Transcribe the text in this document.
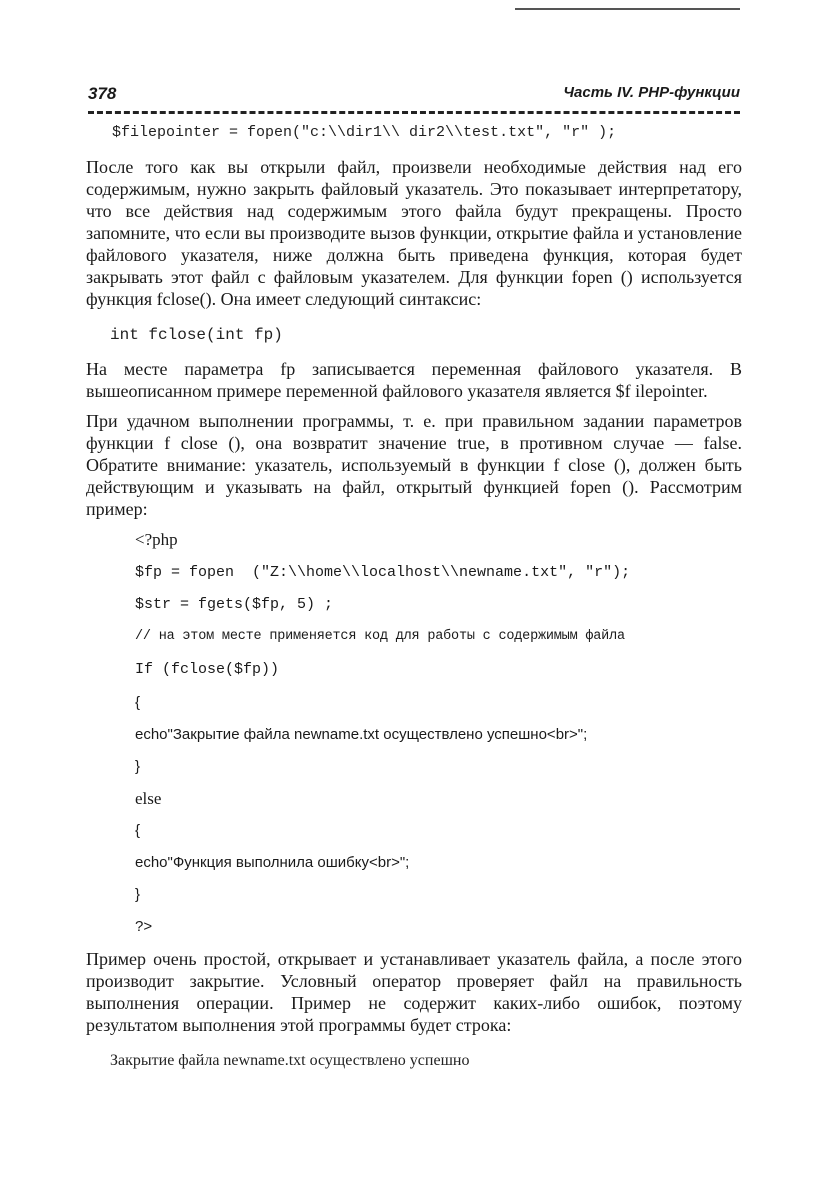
378	Часть IV. PHP-функции
$filepointer = fopen("c:\\dir1\\ dir2\\test.txt", "r" );

После того как вы открыли файл, произвели необходимые действия над его содержимым, нужно закрыть файловый указатель. Это показывает интерпретатору, что все действия над содержимым этого файла будут прекращены. Просто запомните, что если вы производите вызов функции, открытие файла и установление файлового указателя, ниже должна быть приведена функция, которая будет закрывать этот файл с файловым указателем. Для функции fopen () используется функция fclose(). Она имеет следующий синтаксис:

int fclose(int fp)

На месте параметра fp записывается переменная файлового указателя. В вышеописанном примере переменной файлового указателя является $f ilepointer.

При удачном выполнении программы, т. е. при правильном задании параметров функции f close (), она возвратит значение true, в противном случае — false. Обратите внимание: указатель, используемый в функции f close (), должен быть действующим и указывать на файл, открытый функцией fopen (). Рассмотрим пример:

<?php
$fp = fopen  ("Z:\\home\\localhost\\newname.txt", "r");
$str = fgets($fp, 5) ;
// на этом месте применяется код для работы с содержимым файла
If (fclose($fp))
{
echo"Закрытие файла newname.txt осуществлено успешно<br>";
}
else
{
echo"Функция выполнила ошибку<br>";
}
?>

Пример очень простой, открывает и устанавливает указатель файла, а после этого производит закрытие. Условный оператор проверяет файл на правильность выполнения операции. Пример не содержит каких-либо ошибок, поэтому результатом выполнения этой программы будет строка:

Закрытие файла newname.txt осуществлено успешно
